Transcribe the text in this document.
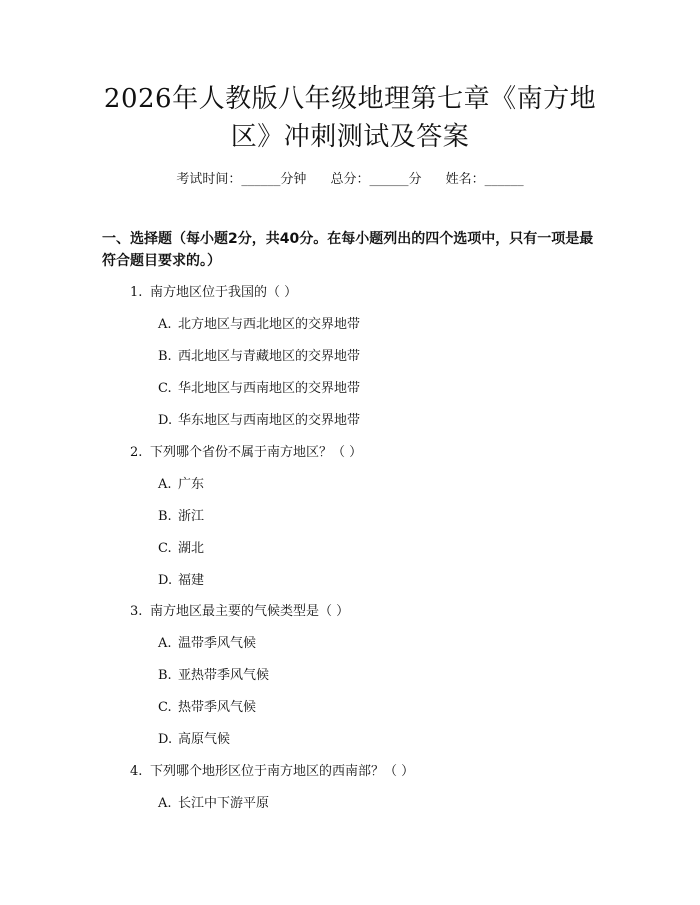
2026年人教版八年级地理第七章《南方地
区》冲刺测试及答案
考试时间：______分钟 总分：______分 姓名：______
一、选择题（每小题2分，共40分。在每小题列出的四个选项中，只有一项是最
符合题目要求的。）
1. 南方地区位于我国的（ ）
A. 北方地区与西北地区的交界地带
B. 西北地区与青藏地区的交界地带
C. 华北地区与西南地区的交界地带
D. 华东地区与西南地区的交界地带
2. 下列哪个省份不属于南方地区？（ ）
A. 广东
B. 浙江
C. 湖北
D. 福建
3. 南方地区最主要的气候类型是（ ）
A. 温带季风气候
B. 亚热带季风气候
C. 热带季风气候
D. 高原气候
4. 下列哪个地形区位于南方地区的西南部？（ ）
A. 长江中下游平原
